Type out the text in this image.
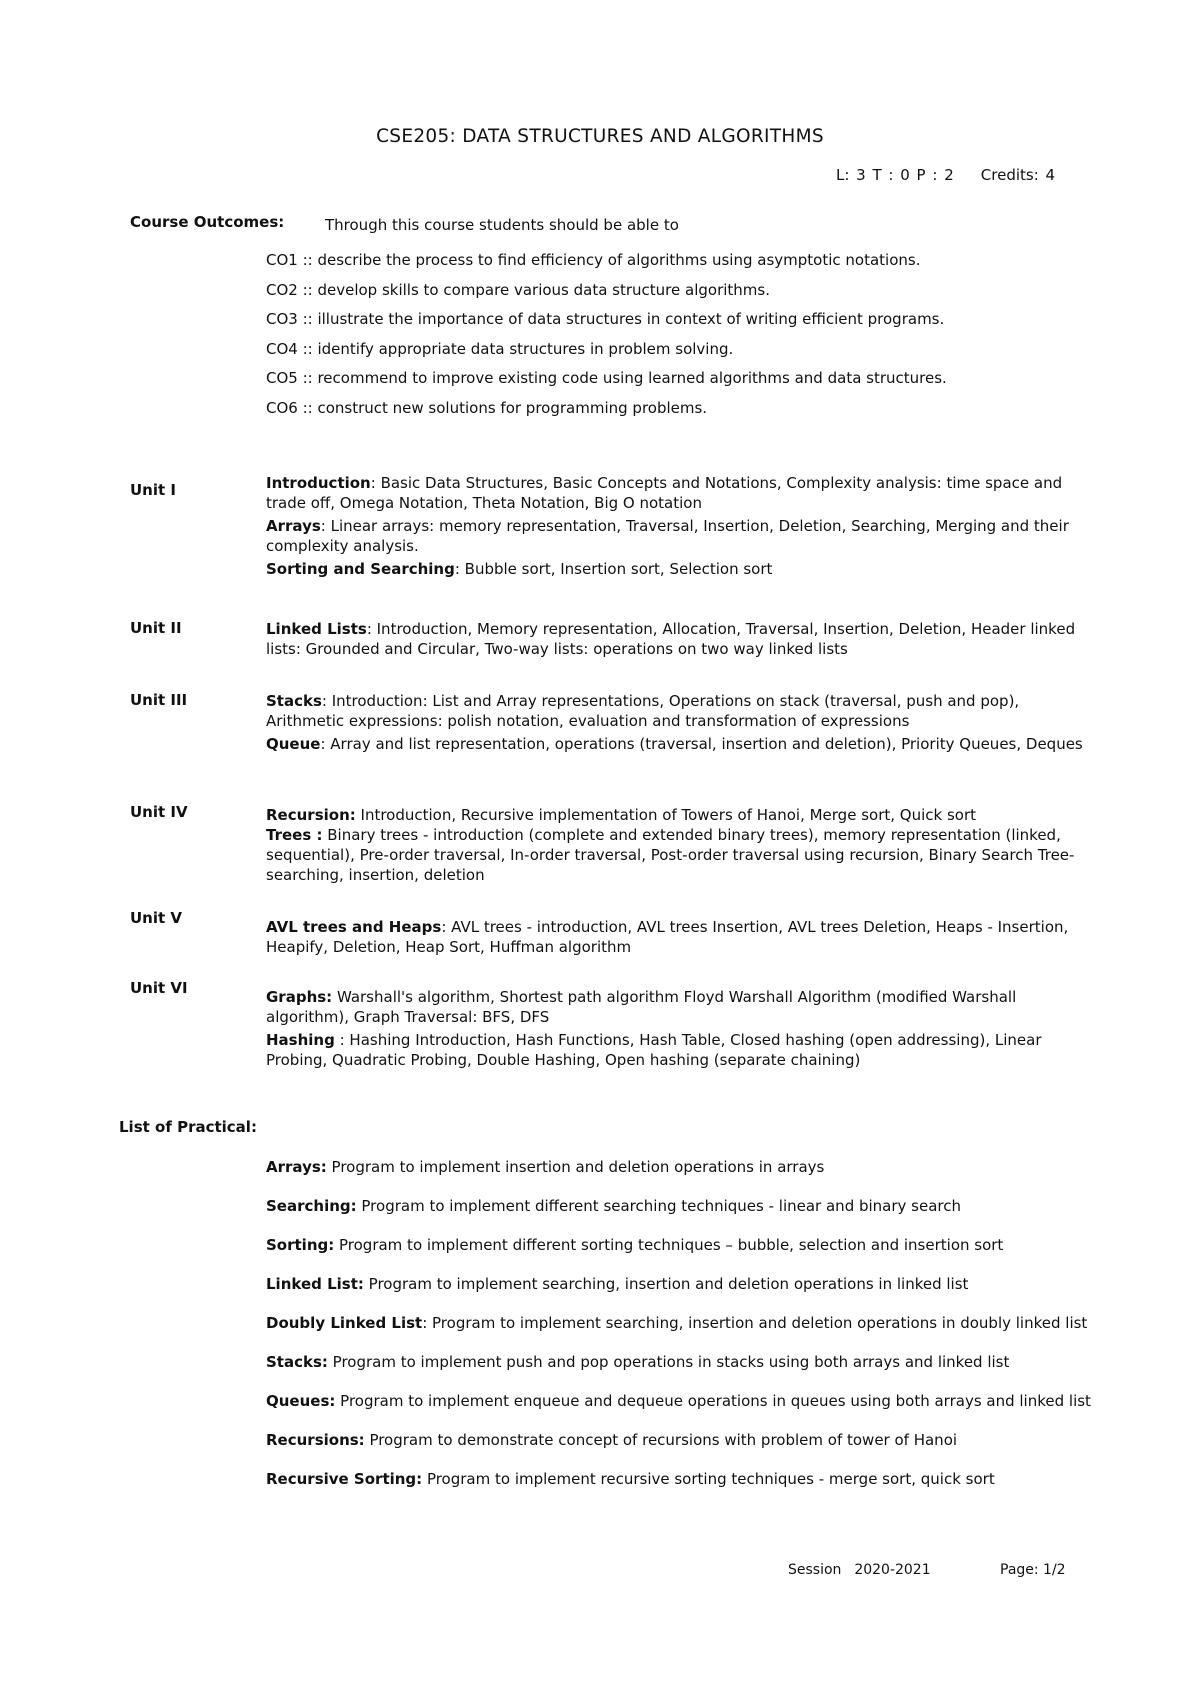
CSE205: DATA STRUCTURES AND ALGORITHMS
L: 3 T : 0 P : 2    Credits: 4
Course Outcomes:	Through this course students should be able to
CO1 :: describe the process to find efficiency of algorithms using asymptotic notations.
CO2 :: develop skills to compare various data structure algorithms.
CO3 :: illustrate the importance of data structures in context of writing efficient programs.
CO4 :: identify appropriate data structures in problem solving.
CO5 :: recommend to improve existing code using learned algorithms and data structures.
CO6 :: construct new solutions for programming problems.
Unit I	Introduction: Basic Data Structures, Basic Concepts and Notations, Complexity analysis: time space and trade off, Omega Notation, Theta Notation, Big O notation
Arrays: Linear arrays: memory representation, Traversal, Insertion, Deletion, Searching, Merging and their complexity analysis.
Sorting and Searching: Bubble sort, Insertion sort, Selection sort
Unit II	Linked Lists: Introduction, Memory representation, Allocation, Traversal, Insertion, Deletion, Header linked lists: Grounded and Circular, Two-way lists: operations on two way linked lists
Unit III	Stacks: Introduction: List and Array representations, Operations on stack (traversal, push and pop), Arithmetic expressions: polish notation, evaluation and transformation of expressions
Queue: Array and list representation, operations (traversal, insertion and deletion), Priority Queues, Deques
Unit IV	Recursion: Introduction, Recursive implementation of Towers of Hanoi, Merge sort, Quick sort
Trees : Binary trees - introduction (complete and extended binary trees), memory representation (linked, sequential), Pre-order traversal, In-order traversal, Post-order traversal using recursion, Binary Search Tree- searching, insertion, deletion
Unit V	AVL trees and Heaps: AVL trees - introduction, AVL trees Insertion, AVL trees Deletion, Heaps - Insertion, Heapify, Deletion, Heap Sort, Huffman algorithm
Unit VI	Graphs: Warshall's algorithm, Shortest path algorithm Floyd Warshall Algorithm (modified Warshall algorithm), Graph Traversal: BFS, DFS
Hashing : Hashing Introduction, Hash Functions, Hash Table, Closed hashing (open addressing), Linear Probing, Quadratic Probing, Double Hashing, Open hashing (separate chaining)
List of Practical:
Arrays: Program to implement insertion and deletion operations in arrays
Searching: Program to implement different searching techniques - linear and binary search
Sorting: Program to implement different sorting techniques – bubble, selection and insertion sort
Linked List: Program to implement searching, insertion and deletion operations in linked list
Doubly Linked List: Program to implement searching, insertion and deletion operations in doubly linked list
Stacks: Program to implement push and pop operations in stacks using both arrays and linked list
Queues: Program to implement enqueue and dequeue operations in queues using both arrays and linked list
Recursions: Program to demonstrate concept of recursions with problem of tower of Hanoi
Recursive Sorting: Program to implement recursive sorting techniques - merge sort, quick sort
Session  2020-2021	Page: 1/2
